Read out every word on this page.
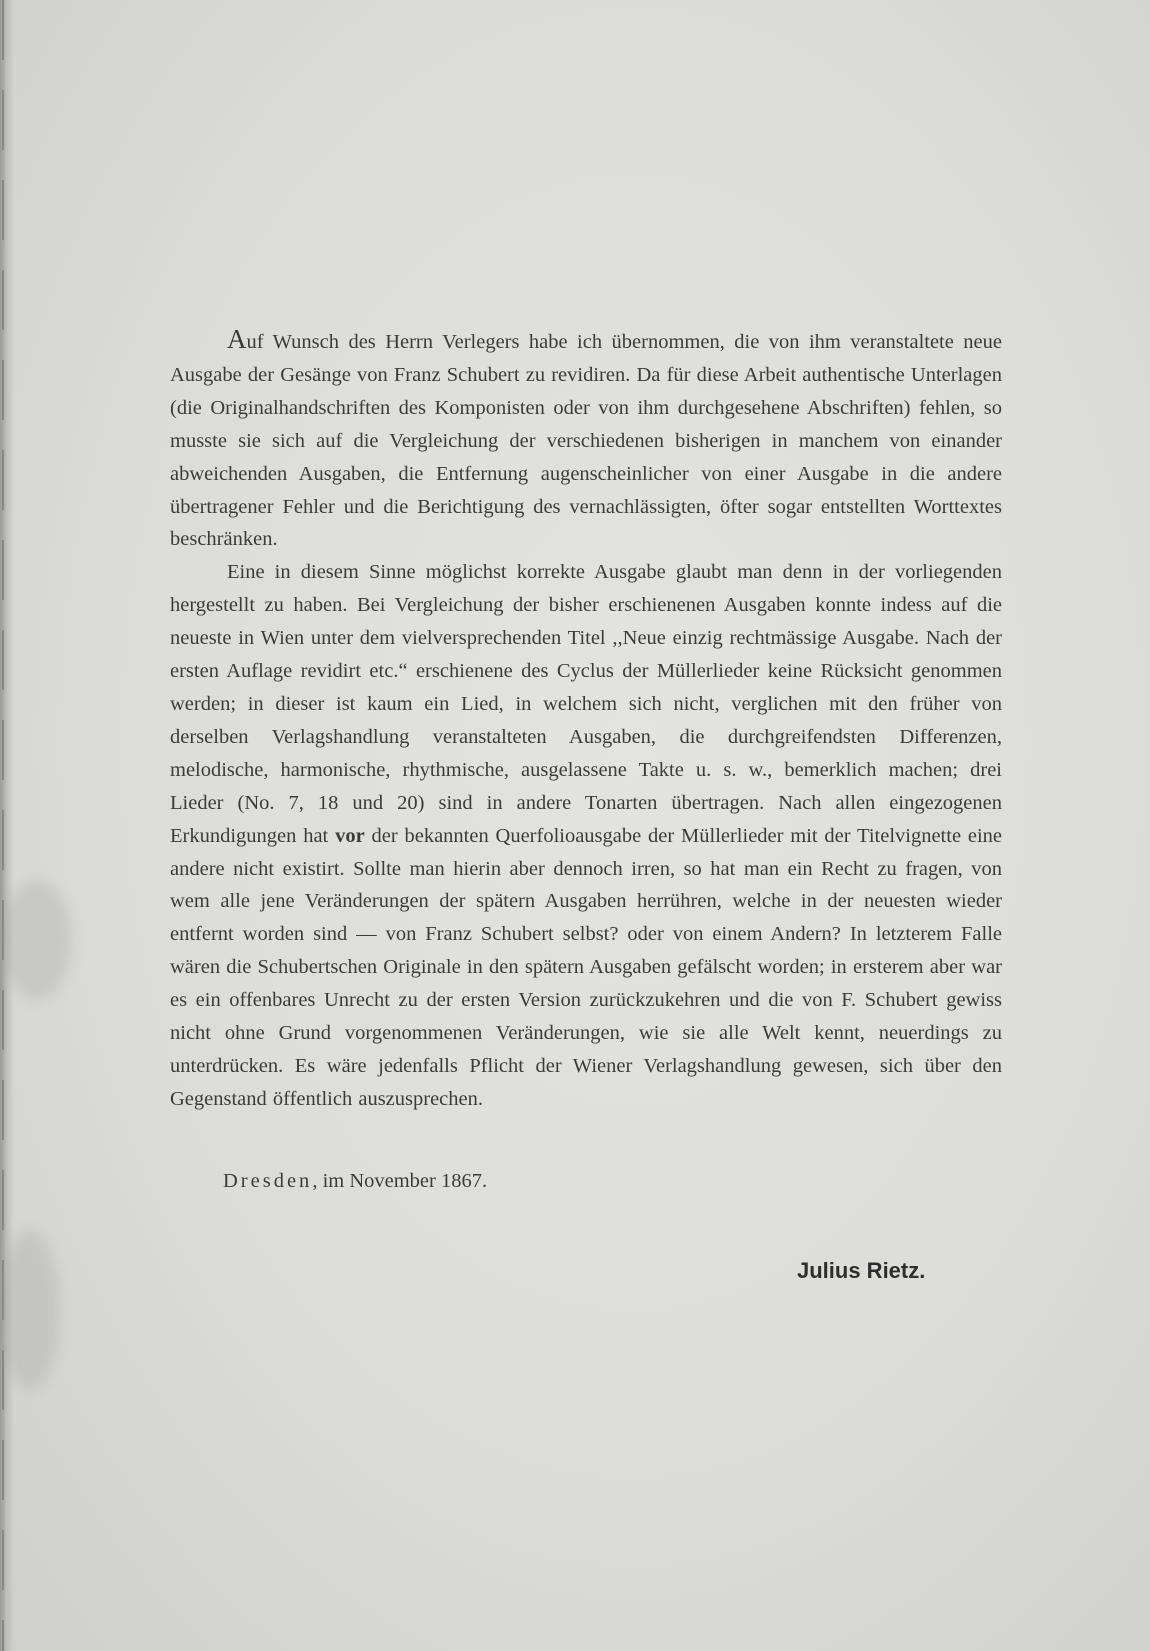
Auf Wunsch des Herrn Verlegers habe ich übernommen, die von ihm veranstaltete neue Ausgabe der Gesänge von Franz Schubert zu revidiren. Da für diese Arbeit authentische Unterlagen (die Originalhandschriften des Komponisten oder von ihm durchgesehene Abschriften) fehlen, so musste sie sich auf die Vergleichung der verschiedenen bisherigen in manchem von einander abweichenden Ausgaben, die Entfernung augenscheinlicher von einer Ausgabe in die andere übertragener Fehler und die Berichtigung des vernachlässigten, öfter sogar entstellten Worttextes beschränken.

Eine in diesem Sinne möglichst korrekte Ausgabe glaubt man denn in der vorliegenden hergestellt zu haben. Bei Vergleichung der bisher erschienenen Ausgaben konnte indess auf die neueste in Wien unter dem vielversprechenden Titel ,,Neue einzig rechtmässige Ausgabe. Nach der ersten Auflage revidirt etc.“ erschienene des Cyclus der Müllerlieder keine Rücksicht genommen werden; in dieser ist kaum ein Lied, in welchem sich nicht, verglichen mit den früher von derselben Verlagshandlung veranstalteten Ausgaben, die durchgreifendsten Differenzen, melodische, harmonische, rhythmische, ausgelassene Takte u. s. w., bemerklich machen; drei Lieder (No. 7, 18 und 20) sind in andere Tonarten übertragen. Nach allen eingezogenen Erkundigungen hat vor der bekannten Querfolioausgabe der Müllerlieder mit der Titelvignette eine andere nicht existirt. Sollte man hierin aber dennoch irren, so hat man ein Recht zu fragen, von wem alle jene Veränderungen der spätern Ausgaben herrühren, welche in der neuesten wieder entfernt worden sind — von Franz Schubert selbst? oder von einem Andern? In letzterem Falle wären die Schubertschen Originale in den spätern Ausgaben gefälscht worden; in ersterem aber war es ein offenbares Unrecht zu der ersten Version zurückzukehren und die von F. Schubert gewiss nicht ohne Grund vorgenommenen Veränderungen, wie sie alle Welt kennt, neuerdings zu unterdrücken. Es wäre jedenfalls Pflicht der Wiener Verlagshandlung gewesen, sich über den Gegenstand öffentlich auszusprechen.

Dresden, im November 1867.
Julius Rietz.
